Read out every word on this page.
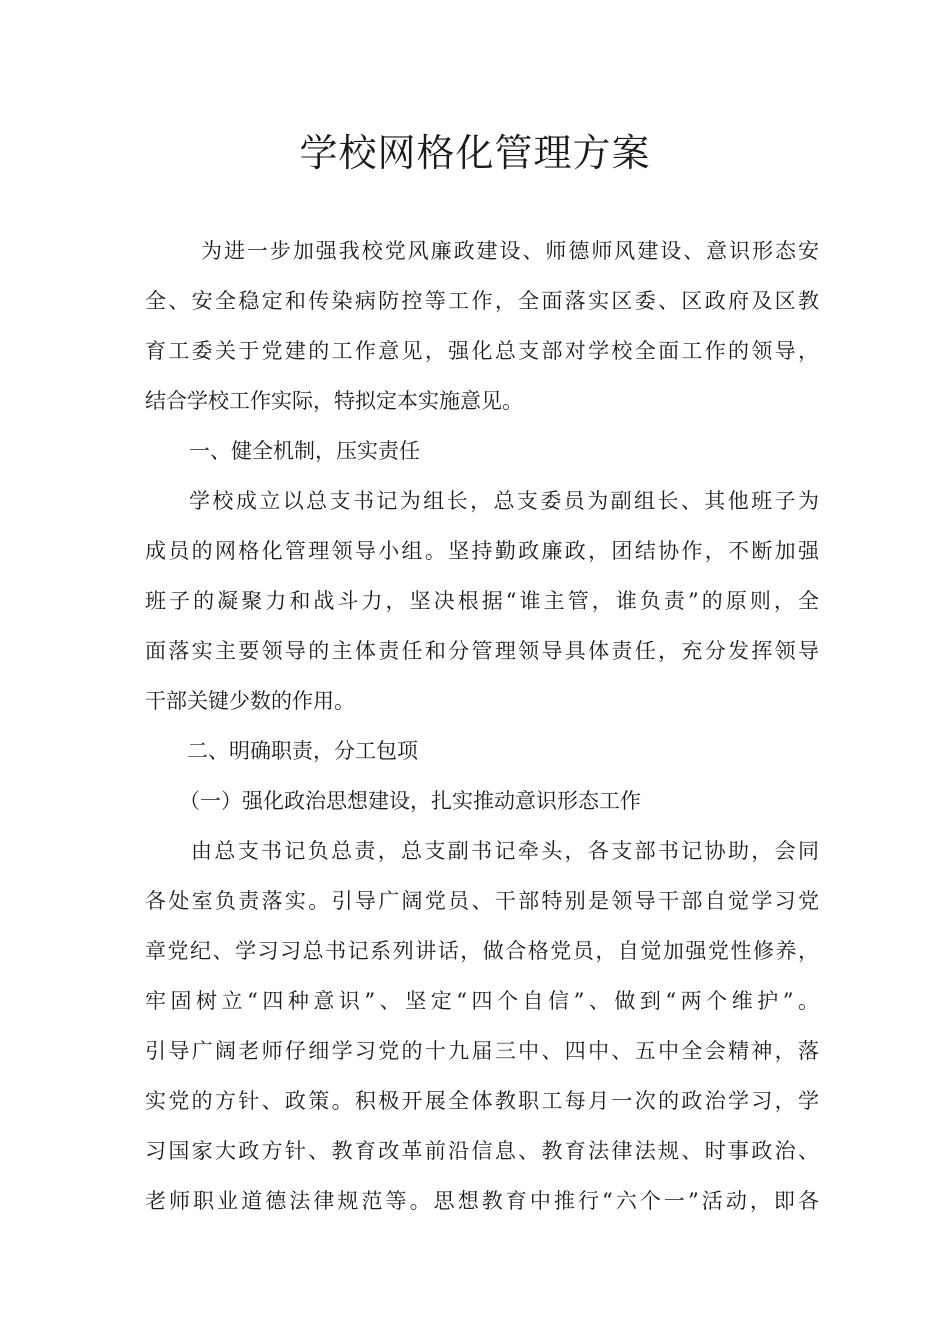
学校网格化管理方案
为进一步加强我校党风廉政建设、师德师风建设、意识形态安
全、安全稳定和传染病防控等工作，全面落实区委、区政府及区教
育工委关于党建的工作意见，强化总支部对学校全面工作的领导，
结合学校工作实际，特拟定本实施意见。
一、健全机制，压实责任
学校成立以总支书记为组长，总支委员为副组长、其他班子为
成员的网格化管理领导小组。坚持勤政廉政，团结协作，不断加强
班子的凝聚力和战斗力，坚决根据“谁主管，谁负责”的原则，全
面落实主要领导的主体责任和分管理领导具体责任，充分发挥领导
干部关键少数的作用。
二、明确职责，分工包项
（一）强化政治思想建设，扎实推动意识形态工作
由总支书记负总责，总支副书记牵头，各支部书记协助，会同
各处室负责落实。引导广阔党员、干部特别是领导干部自觉学习党
章党纪、学习习总书记系列讲话，做合格党员，自觉加强党性修养，
牢固树立“四种意识”、坚定“四个自信”、做到“两个维护”。
引导广阔老师仔细学习党的十九届三中、四中、五中全会精神，落
实党的方针、政策。积极开展全体教职工每月一次的政治学习，学
习国家大政方针、教育改革前沿信息、教育法律法规、时事政治、
老师职业道德法律规范等。思想教育中推行“六个一”活动，即各
